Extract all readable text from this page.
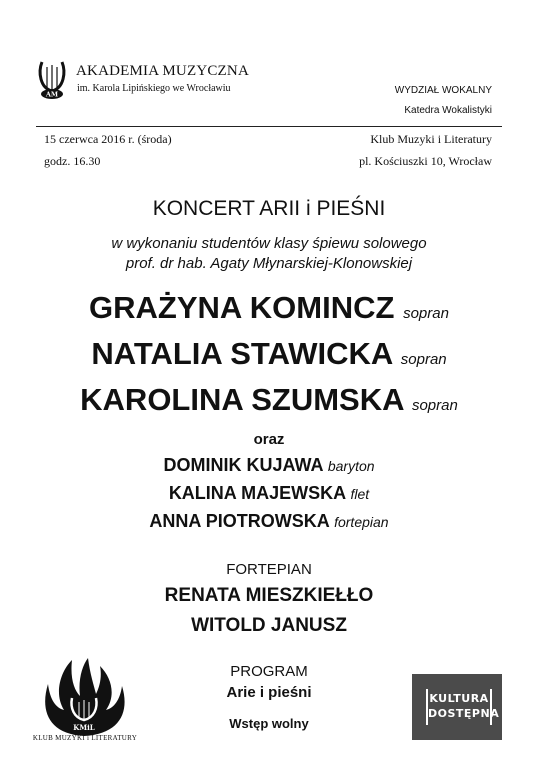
AM
AKADEMIA MUZYCZNA
im. Karola Lipińskiego we Wrocławiu	WYDZIAŁ WOKALNY
Katedra Wokalistyki
15 czerwca 2016 r. (środa)
godz. 16.30
Klub Muzyki i Literatury
pl. Kościuszki 10, Wrocław
KONCERT ARII i PIEŚNI
w wykonaniu studentów klasy śpiewu solowego
prof. dr hab. Agaty Młynarskiej-Klonowskiej
GRAŻYNA KOMINCZ sopran
NATALIA STAWICKA sopran
KAROLINA SZUMSKA sopran
oraz
DOMINIK KUJAWA baryton
KALINA MAJEWSKA flet
ANNA PIOTROWSKA fortepian
FORTEPIAN
RENATA MIESZKIEŁŁO
WITOLD JANUSZ
PROGRAM
Arie i pieśni
Wstęp wolny
KMiL
KLUB MUZYKI i LITERATURY
KULTURA
DOSTĘPNA
